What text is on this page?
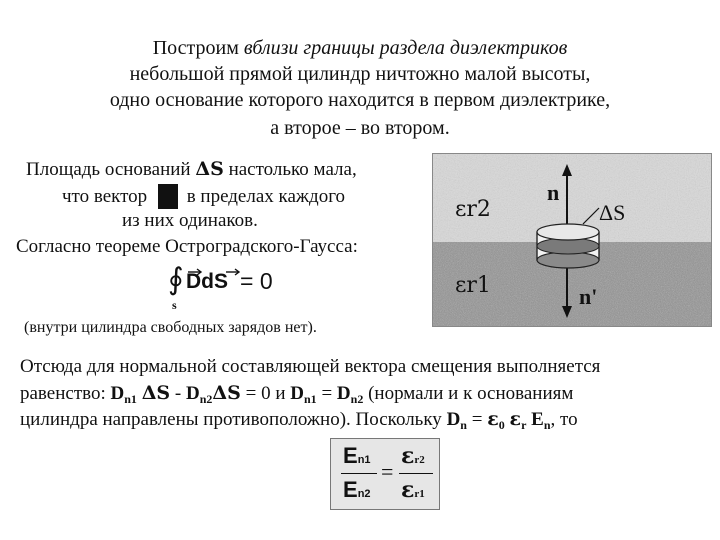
Построим вблизи границы раздела диэлектриков
небольшой прямой цилиндр ничтожно малой высоты,
одно основание которого находится в первом диэлектрике,
а второе – во втором.
Площадь оснований ΔS настолько мала,
что вектор  в пределах каждого
из них одинаков.
Согласно теореме Остроградского-Гаусса:
∮ DdS = 0
s
(внутри цилиндра свободных зарядов нет).
εr2
εr1
n
n'
ΔS
Отсюда для нормальной составляющей вектора смещения выполняется
равенство: $D_{n1}$ $\Delta S - D_{n2}\Delta S = 0$ и $D_{n1} = D_{n2}$ (нормали и к основаниям
цилиндра направлены противоположно). Поскольку $D_n = \varepsilon_0$ $\varepsilon_r$ $E_n$, то
En1
En2
=
εr2
εr1
